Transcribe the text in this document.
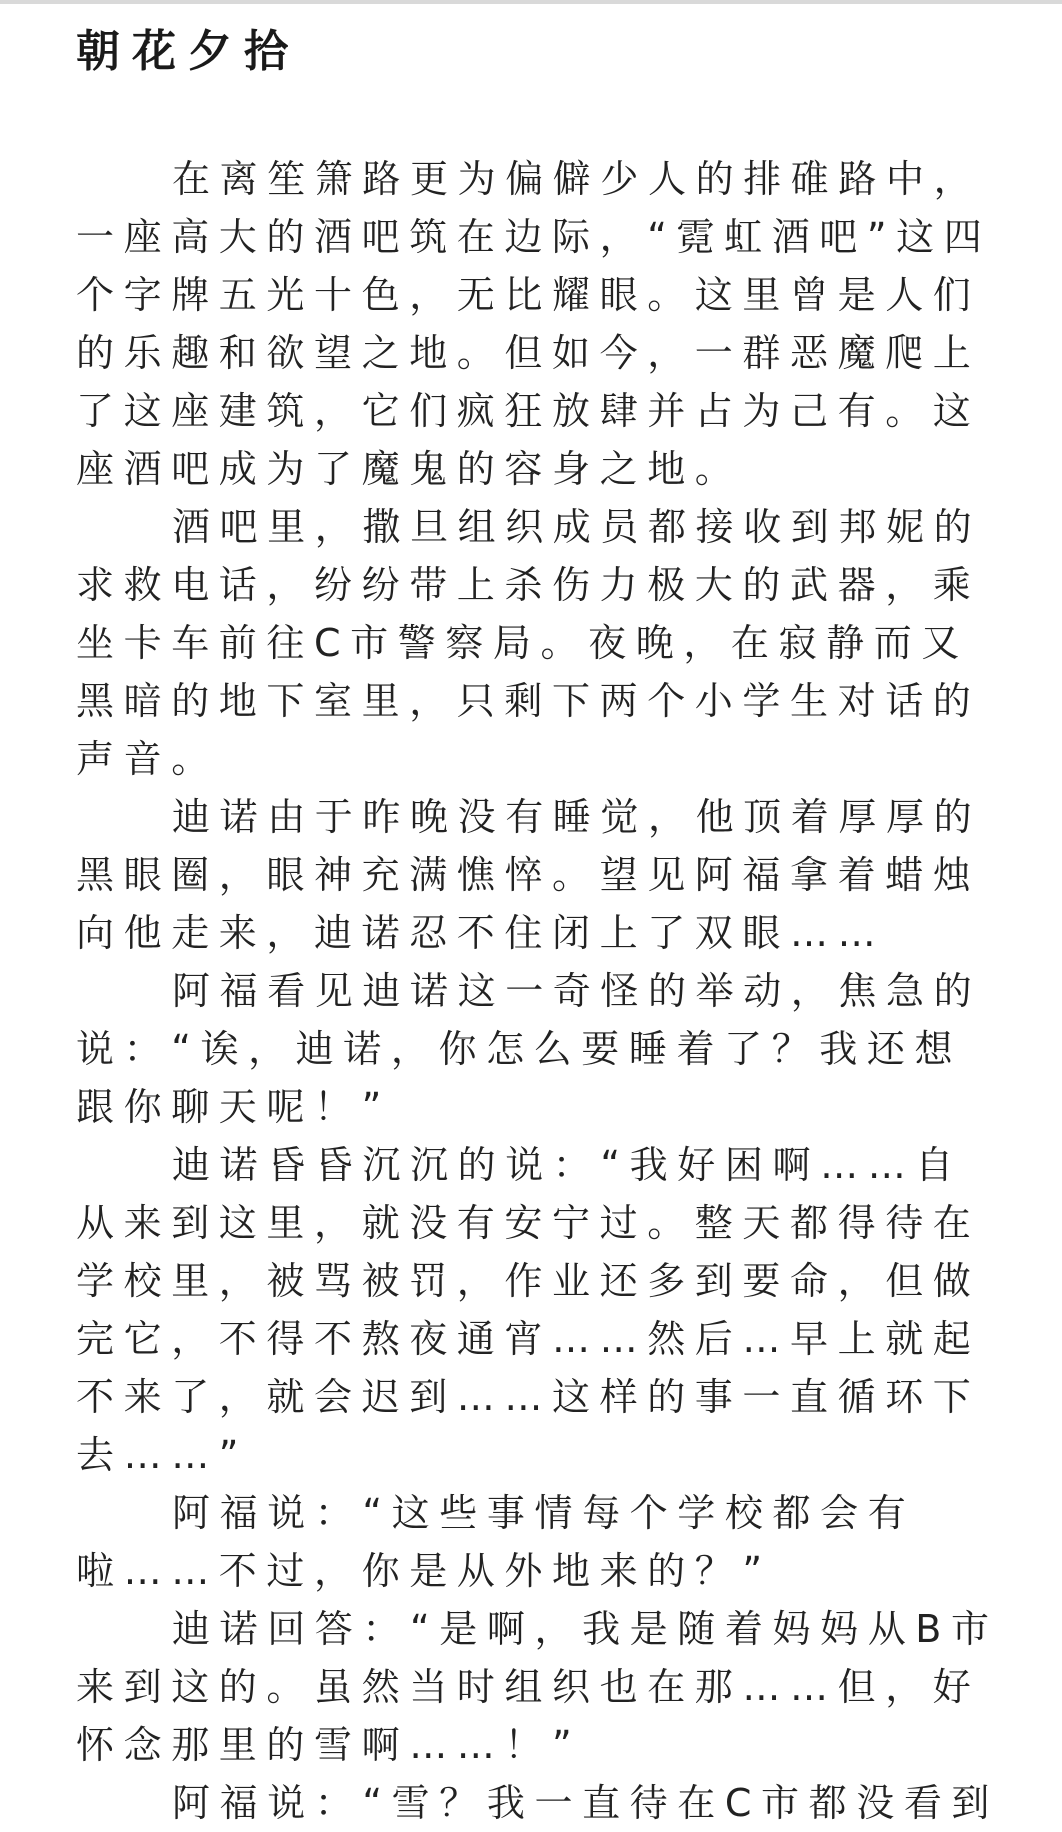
朝花夕拾

在离笙箫路更为偏僻少人的排碓路中，一座高大的酒吧筑在边际，“霓虹酒吧”这四个字牌五光十色，无比耀眼。这里曾是人们的乐趣和欲望之地。但如今，一群恶魔爬上了这座建筑，它们疯狂放肆并占为己有。这座酒吧成为了魔鬼的容身之地。

酒吧里，撒旦组织成员都接收到邦妮的求救电话，纷纷带上杀伤力极大的武器，乘坐卡车前往C市警察局。夜晚，在寂静而又黑暗的地下室里，只剩下两个小学生对话的声音。

迪诺由于昨晚没有睡觉，他顶着厚厚的黑眼圈，眼神充满憔悴。望见阿福拿着蜡烛向他走来，迪诺忍不住闭上了双眼……

阿福看见迪诺这一奇怪的举动，焦急的说：“诶，迪诺，你怎么要睡着了？我还想跟你聊天呢！”

迪诺昏昏沉沉的说：“我好困啊……自从来到这里，就没有安宁过。整天都得待在学校里，被骂被罚，作业还多到要命，但做完它，不得不熬夜通宵……然后…早上就起不来了，就会迟到……这样的事一直循环下去……”

阿福说：“这些事情每个学校都会有啦……不过，你是从外地来的？”

迪诺回答：“是啊，我是随着妈妈从B市来到这的。虽然当时组织也在那……但，好怀念那里的雪啊……！”

阿福说：“雪？我一直待在C市都没看到
